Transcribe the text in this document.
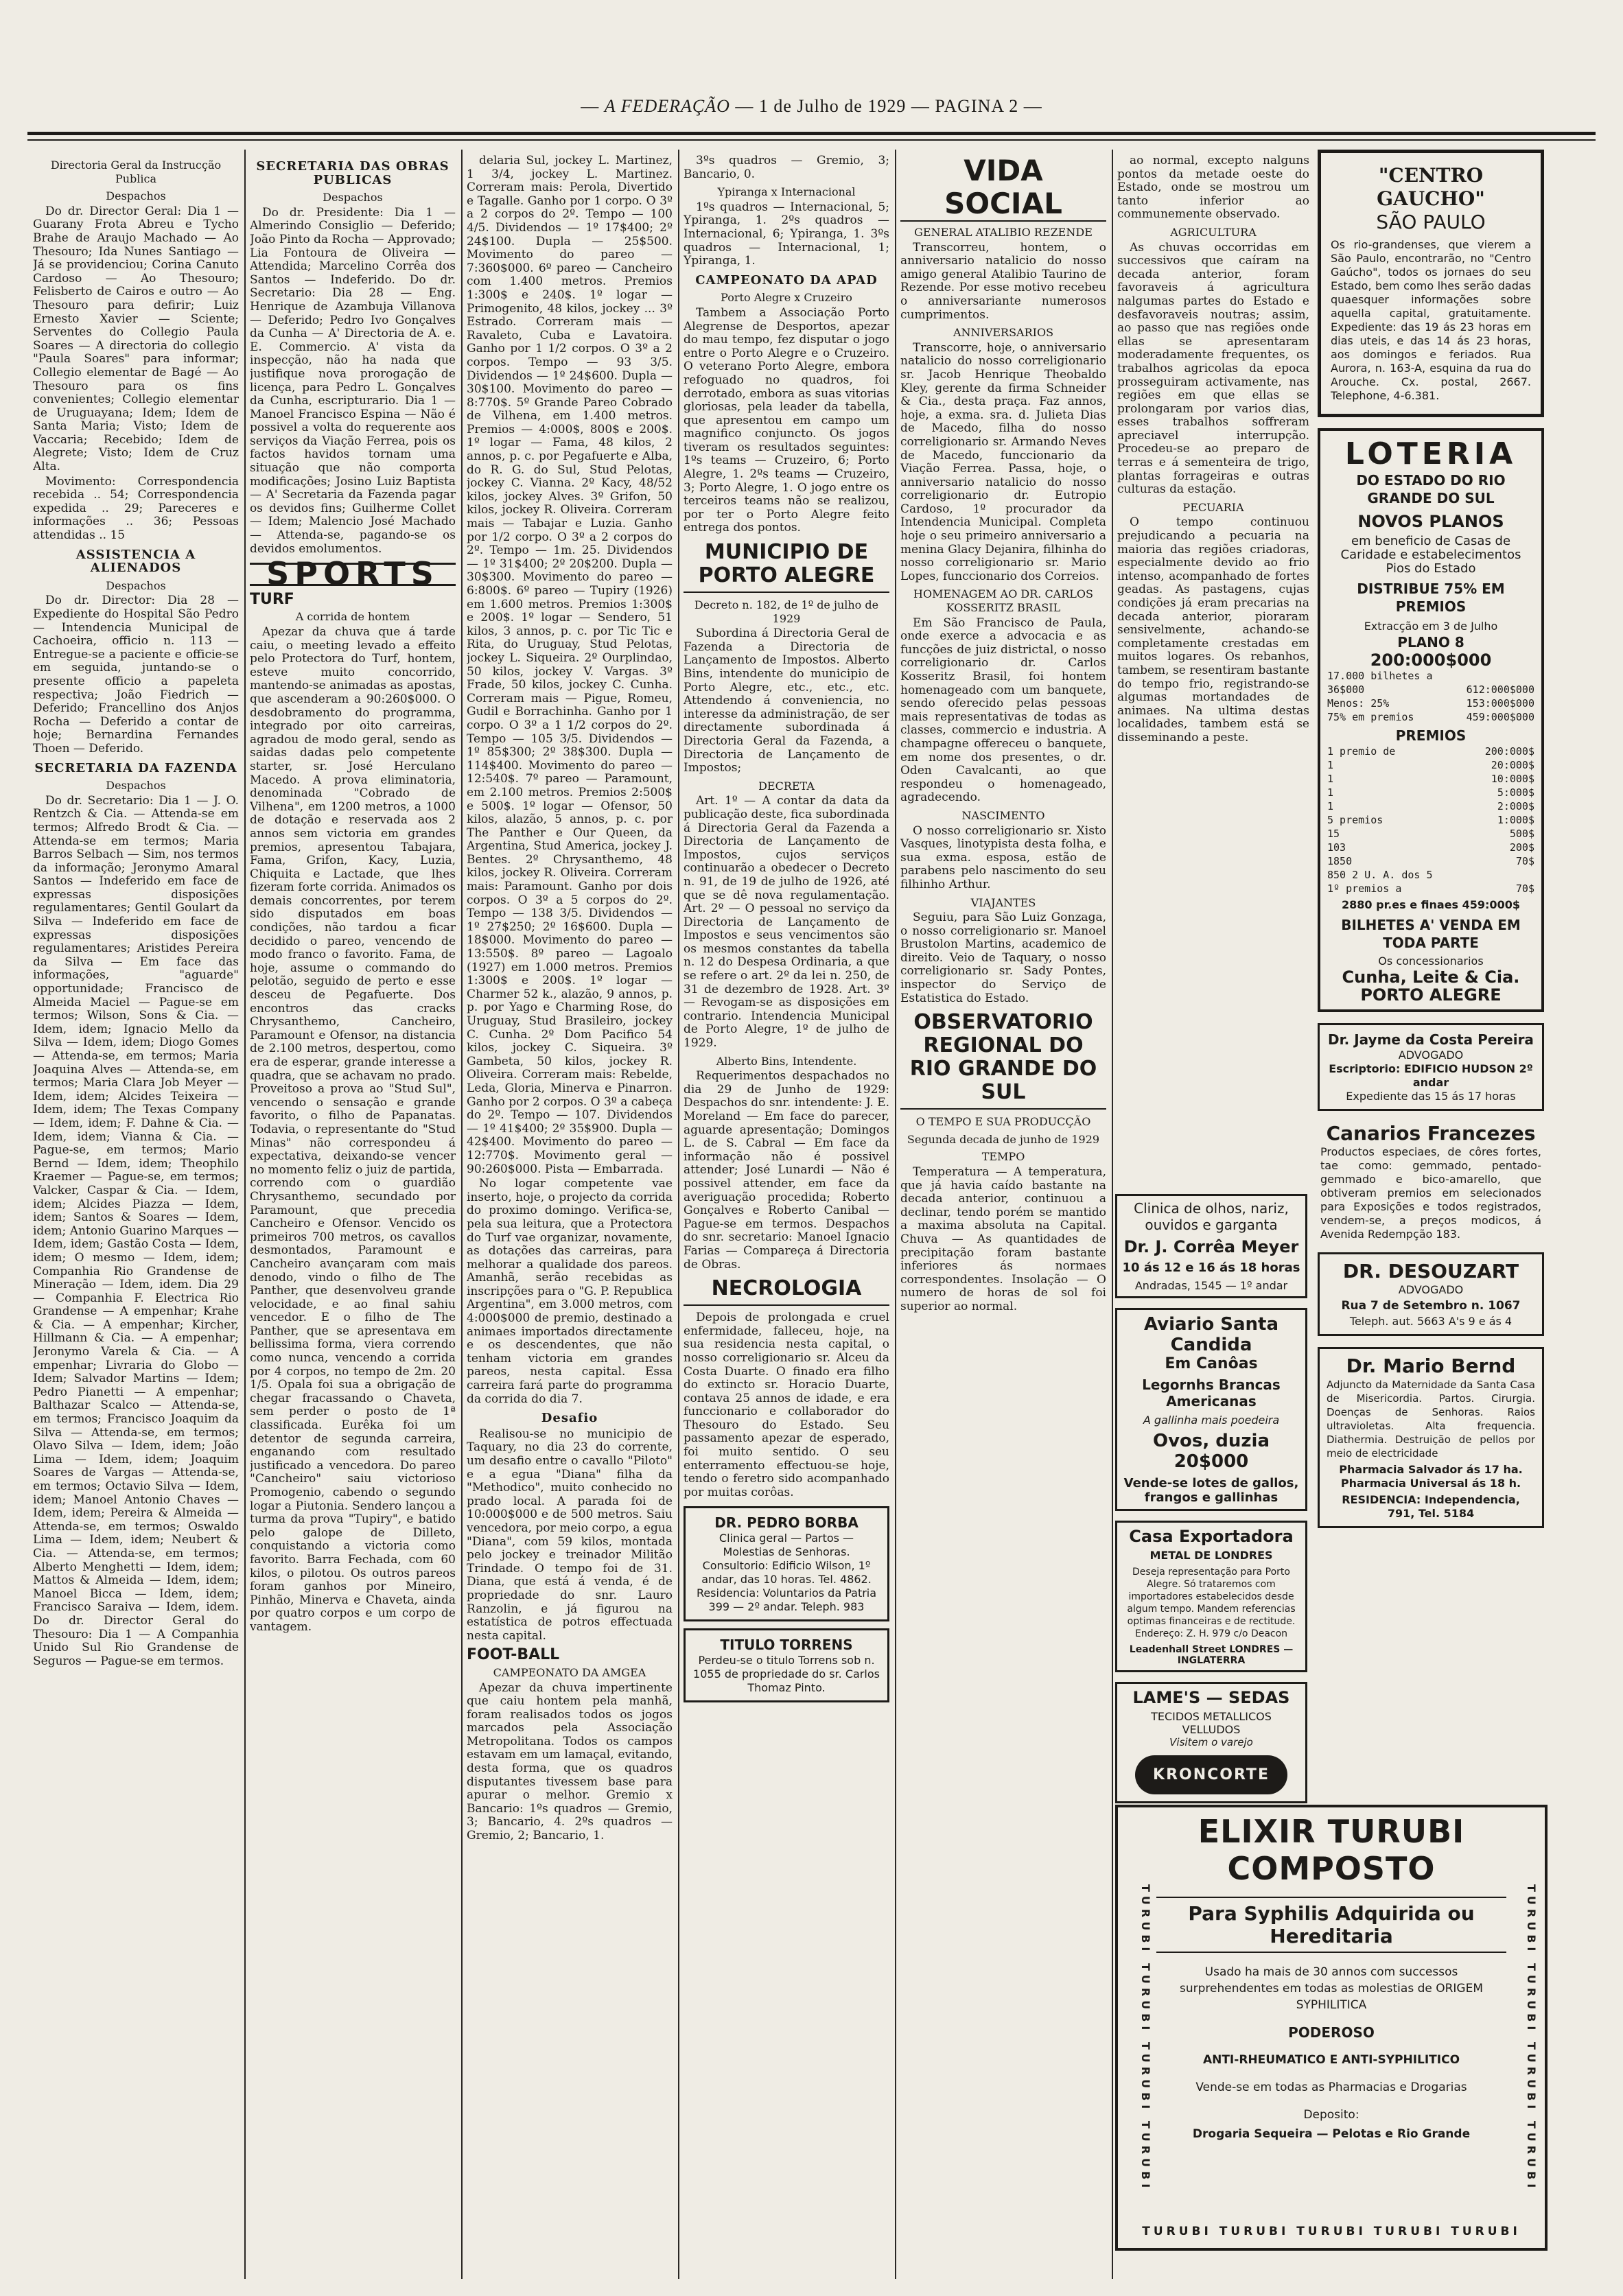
— A FEDERAÇÃO — 1 de Julho de 1929 — PAGINA 2 —
Directoria Geral da Instrucção Publica
Despachos

Do dr. Director Geral: Dia 1 — Guarany Frota Abreu e Tycho Brahe de Araujo Machado — Ao Thesouro; Ida Nunes Santiago — Já se providenciou; Corina Canuto Cardoso — Ao Thesouro; Felisberto de Cairos e outro — Ao Thesouro para defirir; Luiz Ernesto Xavier — Sciente; Serventes do Collegio Paula Soares — A directoria do collegio "Paula Soares" para informar; Collegio elementar de Bagé — Ao Thesouro para os fins convenientes; Collegio elementar de Uruguayana; Idem; Idem de Santa Maria; Visto; Idem de Vaccaria; Recebido; Idem de Alegrete; Visto; Idem de Cruz Alta.

Movimento: Correspondencia recebida .. 54; Correspondencia expedida .. 29; Pareceres e informações .. 36; Pessoas attendidas .. 15

ASSISTENCIA A ALIENADOS
Despachos

Do dr. Director: Dia 28 — Expediente do Hospital São Pedro — Intendencia Municipal de Cachoeira, officio n. 113 — Entregue-se a paciente e officie-se em seguida, juntando-se o presente officio a papeleta respectiva; João Fiedrich — Deferido; Francellino dos Anjos Rocha — Deferido a contar de hoje; Bernardina Fernandes Thoen — Deferido.

SECRETARIA DA FAZENDA
Despachos

Do dr. Secretario: Dia 1 — J. O. Rentzch & Cia. — Attenda-se em termos; Alfredo Brodt & Cia. — Attenda-se em termos; Maria Barros Selbach — Sim, nos termos da informação; Jeronymo Amaral Santos — Indeferido em face de expressas disposições regulamentares; Gentil Goulart da Silva — Indeferido em face de expressas disposições regulamentares; Aristides Pereira da Silva — Em face das informações, "aguarde" opportunidade; Francisco de Almeida Maciel — Pague-se em termos; Wilson, Sons & Cia. — Idem, idem; Ignacio Mello da Silva — Idem, idem; Diogo Gomes — Attenda-se, em termos; Maria Joaquina Alves — Attenda-se, em termos; Maria Clara Job Meyer — Idem, idem; Alcides Teixeira — Idem, idem; The Texas Company — Idem, idem; F. Dahne & Cia. — Idem, idem; Vianna & Cia. — Pague-se, em termos; Mario Bernd — Idem, idem; Theophilo Kraemer — Pague-se, em termos; Valcker, Caspar & Cia. — Idem, idem; Alcides Piazza — Idem, idem; Santos & Soares — Idem, idem; Antonio Guarino Marques — Idem, idem; Gastão Costa — Idem, idem; O mesmo — Idem, idem; Companhia Rio Grandense de Mineração — Idem, idem. Dia 29 — Companhia F. Electrica Rio Grandense — A empenhar; Krahe & Cia. — A empenhar; Kircher, Hillmann & Cia. — A empenhar; Jeronymo Varela & Cia. — A empenhar; Livraria do Globo — Idem; Salvador Martins — Idem; Pedro Pianetti — A empenhar; Balthazar Scalco — Attenda-se, em termos; Francisco Joaquim da Silva — Attenda-se, em termos; Olavo Silva — Idem, idem; João Lima — Idem, idem; Joaquim Soares de Vargas — Attenda-se, em termos; Octavio Silva — Idem, idem; Manoel Antonio Chaves — Idem, idem; Pereira & Almeida — Attenda-se, em termos; Oswaldo Lima — Idem, idem; Neubert & Cia. — Attenda-se, em termos; Alberto Menghetti — Idem, idem; Mattos & Almeida — Idem, idem; Manoel Bicca — Idem, idem; Francisco Saraiva — Idem, idem. Do dr. Director Geral do Thesouro: Dia 1 — A Companhia Unido Sul Rio Grandense de Seguros — Pague-se em termos.

SECRETARIA DAS OBRAS PUBLICAS
Despachos

Do dr. Presidente: Dia 1 — Almerindo Consiglio — Deferido; João Pinto da Rocha — Approvado; Lia Fontoura de Oliveira — Attendida; Marcelino Corrêa dos Santos — Indeferido. Do dr. Secretario: Dia 28 — Eng. Henrique de Azambuja Villanova — Deferido; Pedro Ivo Gonçalves da Cunha — A' Directoria de A. e. E. Commercio. A' vista da inspecção, não ha nada que justifique nova prorogação de licença, para Pedro L. Gonçalves da Cunha, escripturario. Dia 1 — Manoel Francisco Espina — Não é possivel a volta do requerente aos serviços da Viação Ferrea, pois os factos havidos tornam uma situação que não comporta modificações; Josino Luiz Baptista — A' Secretaria da Fazenda pagar os devidos fins; Guilherme Collet — Idem; Malencio José Machado — Attenda-se, pagando-se os devidos emolumentos.

SPORTS
TURF
A corrida de hontem

Apezar da chuva que á tarde caiu, o meeting levado a effeito pelo Protectora do Turf, hontem, esteve muito concorrido, mantendo-se animadas as apostas, que ascenderam a 90:260$000. O desdobramento do programma, integrado por oito carreiras, agradou de modo geral, sendo as saidas dadas pelo competente starter, sr. José Herculano Macedo. A prova eliminatoria, denominada "Cobrado de Vilhena", em 1200 metros, a 1000 de dotação e reservada aos 2 annos sem victoria em grandes premios, apresentou Tabajara, Fama, Grifon, Kacy, Luzia, Chiquita e Lactade, que lhes fizeram forte corrida. Animados os demais concorrentes, por terem sido disputados em boas condições, não tardou a ficar decidido o pareo, vencendo de modo franco o favorito. Fama, de hoje, assume o commando do pelotão, seguido de perto e esse desceu de Pegafuerte. Dos encontros das cracks Chrysanthemo, Cancheiro, Paramount e Ofensor, na distancia de 2.100 metros, despertou, como era de esperar, grande interesse a quadra, que se achavam no prado. Proveitoso a prova ao "Stud Sul", vencendo o sensação e grande favorito, o filho de Papanatas. Todavia, o representante do "Stud Minas" não correspondeu á expectativa, deixando-se vencer no momento feliz o juiz de partida, correndo com o guardião Chrysanthemo, secundado por Paramount, que precedia Cancheiro e Ofensor. Vencido os primeiros 700 metros, os cavallos desmontados, Paramount e Cancheiro avançaram com mais denodo, vindo o filho de The Panther, que desenvolveu grande velocidade, e ao final sahiu vencedor. E o filho de The Panther, que se apresentava em bellissima forma, viera correndo como nunca, vencendo a corrida por 4 corpos, no tempo de 2m. 20 1/5. Opala foi sua a obrigação de chegar fracassando o Chaveta, sem perder o posto de 1ª classificada. Eurêka foi um detentor de segunda carreira, enganando com resultado justificado a vencedora. Do pareo "Cancheiro" saiu victorioso Promogenio, cabendo o segundo logar a Piutonia. Sendero lançou a turma da prova "Tupiry", e batido pelo galope de Dilleto, conquistando a victoria como favorito. Barra Fechada, com 60 kilos, o pilotou. Os outros pareos foram ganhos por Mineiro, Pinhão, Minerva e Chaveta, ainda por quatro corpos e um corpo de vantagem.

delaria Sul, jockey L. Martinez, 1 3/4, jockey L. Martinez. Correram mais: Perola, Divertido e Tagalle. Ganho por 1 corpo. O 3º a 2 corpos do 2º. Tempo — 100 4/5. Dividendos — 1º 17$400; 2º 24$100. Dupla — 25$500. Movimento do pareo — 7:360$000. 6º pareo — Cancheiro com 1.400 metros. Premios 1:300$ e 240$. 1º logar — Primogenito, 48 kilos, jockey ... 3º Estrado. Correram mais — Ravaleto, Cuba e Lavatoira. Ganho por 1 1/2 corpos. O 3º a 2 corpos. Tempo — 93 3/5. Dividendos — 1º 24$600. Dupla — 30$100. Movimento do pareo — 8:770$. 5º Grande Pareo Cobrado de Vilhena, em 1.400 metros. Premios — 4:000$, 800$ e 200$. 1º logar — Fama, 48 kilos, 2 annos, p. c. por Pegafuerte e Alba, do R. G. do Sul, Stud Pelotas, jockey C. Vianna. 2º Kacy, 48/52 kilos, jockey Alves. 3º Grifon, 50 kilos, jockey R. Oliveira. Correram mais — Tabajar e Luzia. Ganho por 1/2 corpo. O 3º a 2 corpos do 2º. Tempo — 1m. 25. Dividendos — 1º 31$400; 2º 20$200. Dupla — 30$300. Movimento do pareo — 6:800$. 6º pareo — Tupiry (1926) em 1.600 metros. Premios 1:300$ e 200$. 1º logar — Sendero, 51 kilos, 3 annos, p. c. por Tic Tic e Rita, do Uruguay, Stud Pelotas, jockey L. Siqueira. 2º Ourplindao, 50 kilos, jockey V. Vargas. 3º Frade, 50 kilos, jockey C. Cunha. Correram mais — Pigue, Romeu, Gudil e Borrachinha. Ganho por 1 corpo. O 3º a 1 1/2 corpos do 2º. Tempo — 105 3/5. Dividendos — 1º 85$300; 2º 38$300. Dupla — 114$400. Movimento do pareo — 12:540$. 7º pareo — Paramount, em 2.100 metros. Premios 2:500$ e 500$. 1º logar — Ofensor, 50 kilos, alazão, 5 annos, p. c. por The Panther e Our Queen, da Argentina, Stud America, jockey J. Bentes. 2º Chrysanthemo, 48 kilos, jockey R. Oliveira. Correram mais: Paramount. Ganho por dois corpos. O 3º a 5 corpos do 2º. Tempo — 138 3/5. Dividendos — 1º 27$250; 2º 16$600. Dupla — 18$000. Movimento do pareo — 13:550$. 8º pareo — Lagoalo (1927) em 1.000 metros. Premios 1:300$ e 200$. 1º logar — Charmer 52 k., alazão, 9 annos, p. p. por Yago e Charming Rose, do Uruguay, Stud Brasileiro, jockey C. Cunha. 2º Dom Pacifico 54 kilos, jockey C. Siqueira. 3º Gambeta, 50 kilos, jockey R. Oliveira. Correram mais: Rebelde, Leda, Gloria, Minerva e Pinarron. Ganho por 2 corpos. O 3º a cabeça do 2º. Tempo — 107. Dividendos — 1º 41$400; 2º 35$900. Dupla — 42$400. Movimento do pareo — 12:770$. Movimento geral — 90:260$000. Pista — Embarrada.

No logar competente vae inserto, hoje, o projecto da corrida do proximo domingo. Verifica-se, pela sua leitura, que a Protectora do Turf vae organizar, novamente, as dotações das carreiras, para melhorar a qualidade dos pareos. Amanhã, serão recebidas as inscripções para o "G. P. Republica Argentina", em 3.000 metros, com 4:000$000 de premio, destinado a animaes importados directamente e os descendentes, que não tenham victoria em grandes pareos, nesta capital. Essa carreira fará parte do programma da corrida do dia 7.

Desafio

Realisou-se no municipio de Taquary, no dia 23 do corrente, um desafio entre o cavallo "Piloto" e a egua "Diana" filha da "Methodico", muito conhecido no prado local. A parada foi de 10:000$000 e de 500 metros. Saiu vencedora, por meio corpo, a egua "Diana", com 59 kilos, montada pelo jockey e treinador Militão Trindade. O tempo foi de 31. Diana, que está á venda, é de propriedade do snr. Lauro Ranzolin, e já figurou na estatística de potros effectuada nesta capital.

FOOT-BALL
CAMPEONATO DA AMGEA

Apezar da chuva impertinente que caiu hontem pela manhã, foram realisados todos os jogos marcados pela Associação Metropolitana. Todos os campos estavam em um lamaçal, evitando, desta forma, que os quadros disputantes tivessem base para apurar o melhor. Gremio x Bancario: 1ºs quadros — Gremio, 3; Bancario, 4. 2ºs quadros — Gremio, 2; Bancario, 1.

3ºs quadros — Gremio, 3; Bancario, 0.

Ypiranga x Internacional

1ºs quadros — Internacional, 5; Ypiranga, 1. 2ºs quadros — Internacional, 6; Ypiranga, 1. 3ºs quadros — Internacional, 1; Ypiranga, 1.

CAMPEONATO DA APAD
Porto Alegre x Cruzeiro

Tambem a Associação Porto Alegrense de Desportos, apezar do mau tempo, fez disputar o jogo entre o Porto Alegre e o Cruzeiro. O veterano Porto Alegre, embora refoguado no quadros, foi derrotado, embora as suas vitorias gloriosas, pela leader da tabella, que apresentou em campo um magnifico conjuncto. Os jogos tiveram os resultados seguintes: 1ºs teams — Cruzeiro, 6; Porto Alegre, 1. 2ºs teams — Cruzeiro, 3; Porto Alegre, 1. O jogo entre os terceiros teams não se realizou, por ter o Porto Alegre feito entrega dos pontos.

MUNICIPIO DE PORTO ALEGRE
Decreto n. 182, de 1º de julho de 1929

Subordina á Directoria Geral de Fazenda a Directoria de Lançamento de Impostos. Alberto Bins, intendente do municipio de Porto Alegre, etc., etc., etc. Attendendo á conveniencia, no interesse da administração, de ser directamente subordinada á Directoria Geral da Fazenda, a Directoria de Lançamento de Impostos;

DECRETA

Art. 1º — A contar da data da publicação deste, fica subordinada á Directoria Geral da Fazenda a Directoria de Lançamento de Impostos, cujos serviços continuarão a obedecer o Decreto n. 91, de 19 de julho de 1926, até que se dê nova regulamentação. Art. 2º — O pessoal no serviço da Directoria de Lançamento de Impostos e seus vencimentos são os mesmos constantes da tabella n. 12 do Despesa Ordinaria, a que se refere o art. 2º da lei n. 250, de 31 de dezembro de 1928. Art. 3º — Revogam-se as disposições em contrario. Intendencia Municipal de Porto Alegre, 1º de julho de 1929.

Alberto Bins, Intendente.

Requerimentos despachados no dia 29 de Junho de 1929: Despachos do snr. intendente: J. E. Moreland — Em face do parecer, aguarde apresentação; Domingos L. de S. Cabral — Em face da informação não é possivel attender; José Lunardi — Não é possivel attender, em face da averiguação procedida; Roberto Gonçalves e Roberto Canibal — Pague-se em termos. Despachos do snr. secretario: Manoel Ignacio Farias — Compareça á Directoria de Obras.

NECROLOGIA

Depois de prolongada e cruel enfermidade, falleceu, hoje, na sua residencia nesta capital, o nosso correligionario sr. Alceu da Costa Duarte. O finado era filho do extincto sr. Horacio Duarte, contava 25 annos de idade, e era funccionario e collaborador do Thesouro do Estado. Seu passamento apezar de esperado, foi muito sentido. O seu enterramento effectuou-se hoje, tendo o feretro sido acompanhado por muitas corôas.

DR. PEDRO BORBA
Clinica geral — Partos — Molestias de Senhoras. Consultorio: Edificio Wilson, 1º andar, das 10 horas. Tel. 4862. Residencia: Voluntarios da Patria 399 — 2º andar. Teleph. 983
TITULO TORRENS
Perdeu-se o titulo Torrens sob n. 1055 de propriedade do sr. Carlos Thomaz Pinto.
VIDA SOCIAL
GENERAL ATALIBIO REZENDE

Transcorreu, hontem, o anniversario natalicio do nosso amigo general Atalibio Taurino de Rezende. Por esse motivo recebeu o anniversariante numerosos cumprimentos.

ANNIVERSARIOS

Transcorre, hoje, o anniversario natalicio do nosso correligionario sr. Jacob Henrique Theobaldo Kley, gerente da firma Schneider & Cia., desta praça. Faz annos, hoje, a exma. sra. d. Julieta Dias de Macedo, filha do nosso correligionario sr. Armando Neves de Macedo, funccionario da Viação Ferrea. Passa, hoje, o anniversario natalicio do nosso correligionario dr. Eutropio Cardoso, 1º procurador da Intendencia Municipal. Completa hoje o seu primeiro anniversario a menina Glacy Dejanira, filhinha do nosso correligionario sr. Mario Lopes, funccionario dos Correios.

HOMENAGEM AO DR. CARLOS KOSSERITZ BRASIL

Em São Francisco de Paula, onde exerce a advocacia e as funcções de juiz districtal, o nosso correligionario dr. Carlos Kosseritz Brasil, foi hontem homenageado com um banquete, sendo oferecido pelas pessoas mais representativas de todas as classes, commercio e industria. A champagne offereceu o banquete, em nome dos presentes, o dr. Oden Cavalcanti, ao que respondeu o homenageado, agradecendo.

NASCIMENTO

O nosso correligionario sr. Xisto Vasques, linotypista desta folha, e sua exma. esposa, estão de parabens pelo nascimento do seu filhinho Arthur.

VIAJANTES

Seguiu, para São Luiz Gonzaga, o nosso correligionario sr. Manoel Brustolon Martins, academico de direito. Veio de Taquary, o nosso correligionario sr. Sady Pontes, inspector do Serviço de Estatistica do Estado.

OBSERVATORIO REGIONAL DO RIO GRANDE DO SUL
O TEMPO E SUA PRODUCÇÃO
Segunda decada de junho de 1929
TEMPO

Temperatura — A temperatura, que já havia caído bastante na decada anterior, continuou a declinar, tendo porém se mantido a maxima absoluta na Capital. Chuva — As quantidades de precipitação foram bastante inferiores ás normaes correspondentes. Insolação — O numero de horas de sol foi superior ao normal.

ao normal, excepto nalguns pontos da metade oeste do Estado, onde se mostrou um tanto inferior ao communemente observado.

AGRICULTURA

As chuvas occorridas em successivos que caíram na decada anterior, foram favoraveis á agricultura nalgumas partes do Estado e desfavoraveis noutras; assim, ao passo que nas regiões onde ellas se apresentaram moderadamente frequentes, os trabalhos agricolas da epoca prosseguiram activamente, nas regiões em que ellas se prolongaram por varios dias, esses trabalhos soffreram apreciavel interrupção. Procedeu-se ao preparo de terras e á sementeira de trigo, plantas forrageiras e outras culturas da estação.

PECUARIA

O tempo continuou prejudicando a pecuaria na maioria das regiões criadoras, especialmente devido ao frio intenso, acompanhado de fortes geadas. As pastagens, cujas condições já eram precarias na decada anterior, pioraram sensivelmente, achando-se completamente crestadas em muitos logares. Os rebanhos, tambem, se resentiram bastante do tempo frio, registrando-se algumas mortandades de animaes. Na ultima destas localidades, tambem está se disseminando a peste.

Clinica de olhos, nariz, ouvidos e garganta
Dr. J. Corrêa Meyer
10 ás 12 e 16 ás 18 horas
Andradas, 1545 — 1º andar
Aviario Santa Candida
Em Canôas
Legornhs Brancas Americanas
A gallinha mais poedeira
Ovos, duzia 20$000
Vende-se lotes de gallos, frangos e gallinhas
Casa Exportadora
METAL DE LONDRES
Deseja representação para Porto Alegre. Só trataremos com importadores estabelecidos desde algum tempo. Mandem referencias optimas financeiras e de rectitude. Endereço: Z. H. 979 c/o Deacon
Leadenhall Street LONDRES — INGLATERRA
LAME'S — SEDAS
TECIDOS METALLICOS VELLUDOS
Visitem o varejo
KRONCORTE
"CENTRO GAUCHO"
SÃO PAULO
Os rio-grandenses, que vierem a São Paulo, encontrarão, no "Centro Gaúcho", todos os jornaes do seu Estado, bem como lhes serão dadas quaesquer informações sobre aquella capital, gratuitamente. Expediente: das 19 ás 23 horas em dias uteis, e das 14 ás 23 horas, aos domingos e feriados. Rua Aurora, n. 163-A, esquina da rua do Arouche. Cx. postal, 2667. Telephone, 4-6.381.
LOTERIA
DO ESTADO DO RIO GRANDE DO SUL
NOVOS PLANOS
em beneficio de Casas de Caridade e estabelecimentos Pios do Estado
DISTRIBUE 75% EM PREMIOS
Extracção em 3 de Julho
PLANO 8
200:000$000
17.000 bilhetes a
36$000	612:000$000
Menos: 25%	153:000$000
75% em premios	459:000$000
PREMIOS
1 premio de	200:000$
1	20:000$
1	10:000$
1	5:000$
1	2:000$
5 premios	1:000$
15	500$
103	200$
1850	70$
850 2 U. A. dos 5
1º premios a	70$
2880 pr.es e finaes 459:000$
BILHETES A' VENDA EM TODA PARTE
Os concessionarios
Cunha, Leite & Cia. PORTO ALEGRE
Dr. Jayme da Costa Pereira
ADVOGADO
Escriptorio: EDIFICIO HUDSON 2º andar
Expediente das 15 ás 17 horas
Canarios Francezes
Productos especiaes, de côres fortes, tae como: gemmado, pentado-gemmado e bico-amarello, que obtiveram premios em selecionados para Exposições e todos registrados, vendem-se, a preços modicos, á Avenida Redempção 183.
DR. DESOUZART
ADVOGADO
Rua 7 de Setembro n. 1067
Teleph. aut. 5663 A's 9 e ás 4
Dr. Mario Bernd
Adjuncto da Maternidade da Santa Casa de Misericordia. Partos. Cirurgia. Doenças de Senhoras. Raios ultravioletas. Alta frequencia. Diathermia. Destruição de pellos por meio de electricidade
Pharmacia Salvador ás 17 ha. Pharmacia Universal ás 18 h.
RESIDENCIA: Independencia, 791, Tel. 5184
ELIXIR TURUBI COMPOSTO
Para Syphilis Adquirida ou Hereditaria
TURUBI TURUBI TURUBI TURUBI	TURUBI TURUBI TURUBI TURUBI
Usado ha mais de 30 annos com successos surprehendentes em todas as molestias de ORIGEM SYPHILITICA
PODEROSO
ANTI-RHEUMATICO E ANTI-SYPHILITICO
Vende-se em todas as Pharmacias e Drogarias
Deposito:
Drogaria Sequeira — Pelotas e Rio Grande
TURUBI TURUBI TURUBI TURUBI TURUBI
